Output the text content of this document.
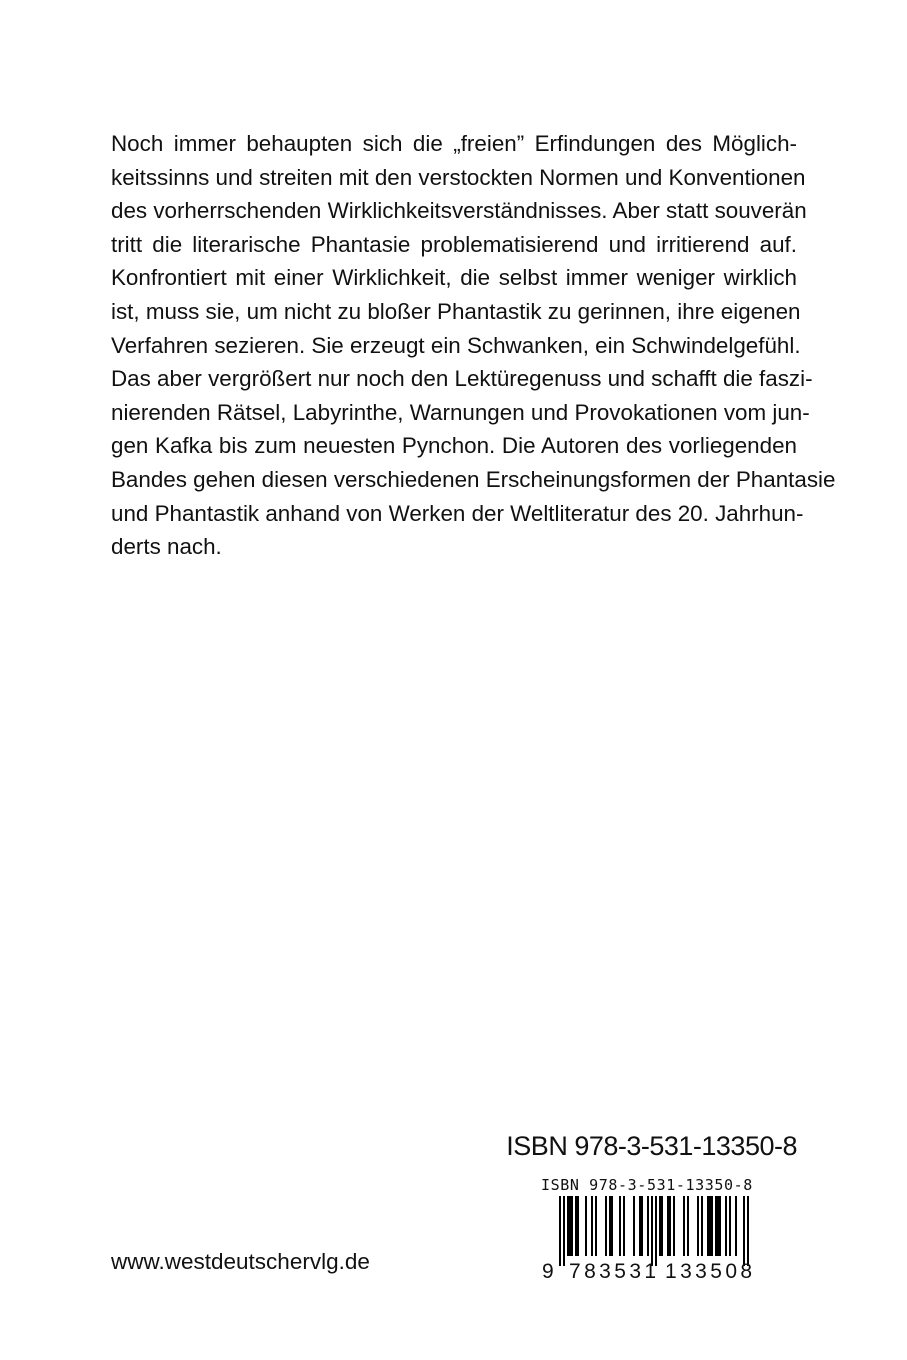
Noch immer behaupten sich die „freien” Erfindungen des Möglich-
keitssinns und streiten mit den verstockten Normen und Konventionen
des vorherrschenden Wirklichkeitsverständnisses. Aber statt souverän
tritt die literarische Phantasie problematisierend und irritierend auf.
Konfrontiert mit einer Wirklichkeit, die selbst immer weniger wirklich
ist, muss sie, um nicht zu bloßer Phantastik zu gerinnen, ihre eigenen
Verfahren sezieren. Sie erzeugt ein Schwanken, ein Schwindelgefühl.
Das aber vergrößert nur noch den Lektüregenuss und schafft die faszi-
nierenden Rätsel, Labyrinthe, Warnungen und Provokationen vom jun-
gen Kafka bis zum neuesten Pynchon. Die Autoren des vorliegenden
Bandes gehen diesen verschiedenen Erscheinungsformen der Phantasie
und Phantastik anhand von Werken der Weltliteratur des 20. Jahrhun-
derts nach.
ISBN 978-3-531-13350-8
ISBN 978-3-531-13350-8
9 783531 133508
www.westdeutschervlg.de
